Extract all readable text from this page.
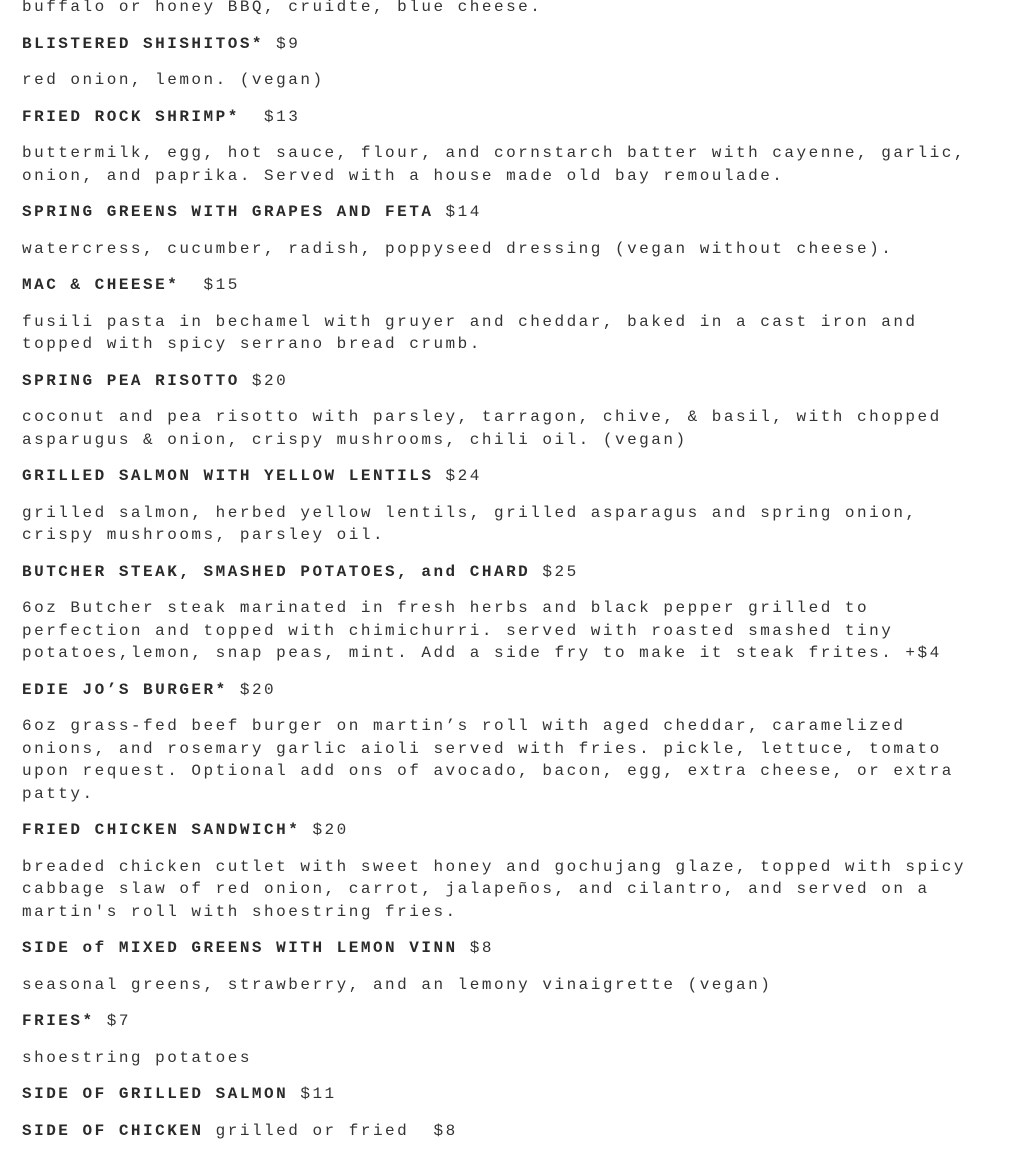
buffalo or honey BBQ, cruidte, blue cheese.

BLISTERED SHISHITOS* $9

red onion, lemon. (vegan)

FRIED ROCK SHRIMP*  $13

buttermilk, egg, hot sauce, flour, and cornstarch batter with cayenne, garlic, onion, and paprika. Served with a house made old bay remoulade.

SPRING GREENS WITH GRAPES AND FETA $14

watercress, cucumber, radish, poppyseed dressing (vegan without cheese).

MAC & CHEESE*  $15

fusili pasta in bechamel with gruyer and cheddar, baked in a cast iron and topped with spicy serrano bread crumb.

SPRING PEA RISOTTO $20

coconut and pea risotto with parsley, tarragon, chive, & basil, with chopped asparugus & onion, crispy mushrooms, chili oil. (vegan)

GRILLED SALMON WITH YELLOW LENTILS $24

grilled salmon, herbed yellow lentils, grilled asparagus and spring onion, crispy mushrooms, parsley oil.

BUTCHER STEAK, SMASHED POTATOES, and CHARD $25

6oz Butcher steak marinated in fresh herbs and black pepper grilled to perfection and topped with chimichurri. served with roasted smashed tiny potatoes,lemon, snap peas, mint. Add a side fry to make it steak frites. +$4

EDIE JO’S BURGER* $20

6oz grass-fed beef burger on martin’s roll with aged cheddar, caramelized onions, and rosemary garlic aioli served with fries. pickle, lettuce, tomato upon request. Optional add ons of avocado, bacon, egg, extra cheese, or extra patty.

FRIED CHICKEN SANDWICH* $20

breaded chicken cutlet with sweet honey and gochujang glaze, topped with spicy cabbage slaw of red onion, carrot, jalapeños, and cilantro, and served on a martin's roll with shoestring fries.

SIDE of MIXED GREENS WITH LEMON VINN $8

seasonal greens, strawberry, and an lemony vinaigrette (vegan)

FRIES* $7

shoestring potatoes

SIDE OF GRILLED SALMON $11

SIDE OF CHICKEN grilled or fried  $8
